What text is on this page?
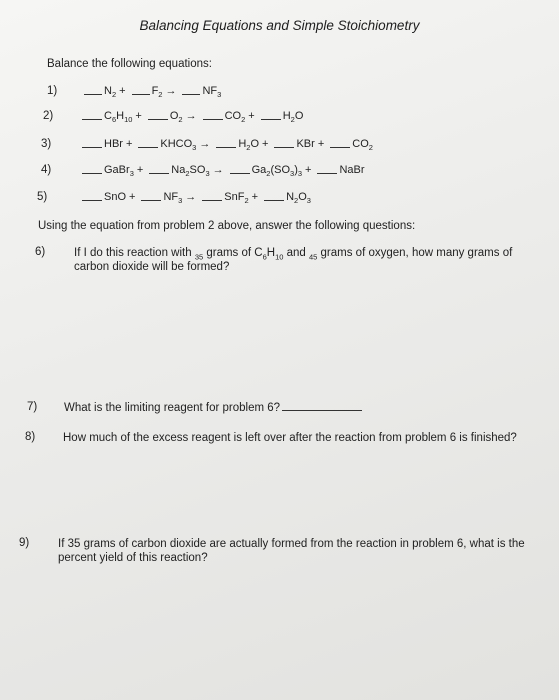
Balancing Equations and Simple Stoichiometry
Balance the following equations:
1)	$N_2 + F_2 \to NF_3$
2)	$C_6H_{10}$ +	$O_2$ →	$CO_2$ +	$H_2O$
3)	HBr +	$KHCO_3$ →	$H_2O$ +	KBr +	$CO_2$
4)	GaBr$_3$ +	$Na_2SO_3$ →	$Ga_2(SO_3)_3$ +	NaBr
5)	SnO +	$NF_3$ →	SnF$_2$ +	$N_2O_3$
Using the equation from problem 2 above, answer the following questions:
6)	If I do this reaction with $_{35}$ grams of $C_6H_{10}$ and $_{45}$ grams of oxygen, how many grams of carbon dioxide will be formed?
7) What is the limiting reagent for problem 6?
8) How much of the excess reagent is left over after the reaction from problem 6 is finished?
9)	If 35 grams of carbon dioxide are actually formed from the reaction in problem 6, what is the percent yield of this reaction?
